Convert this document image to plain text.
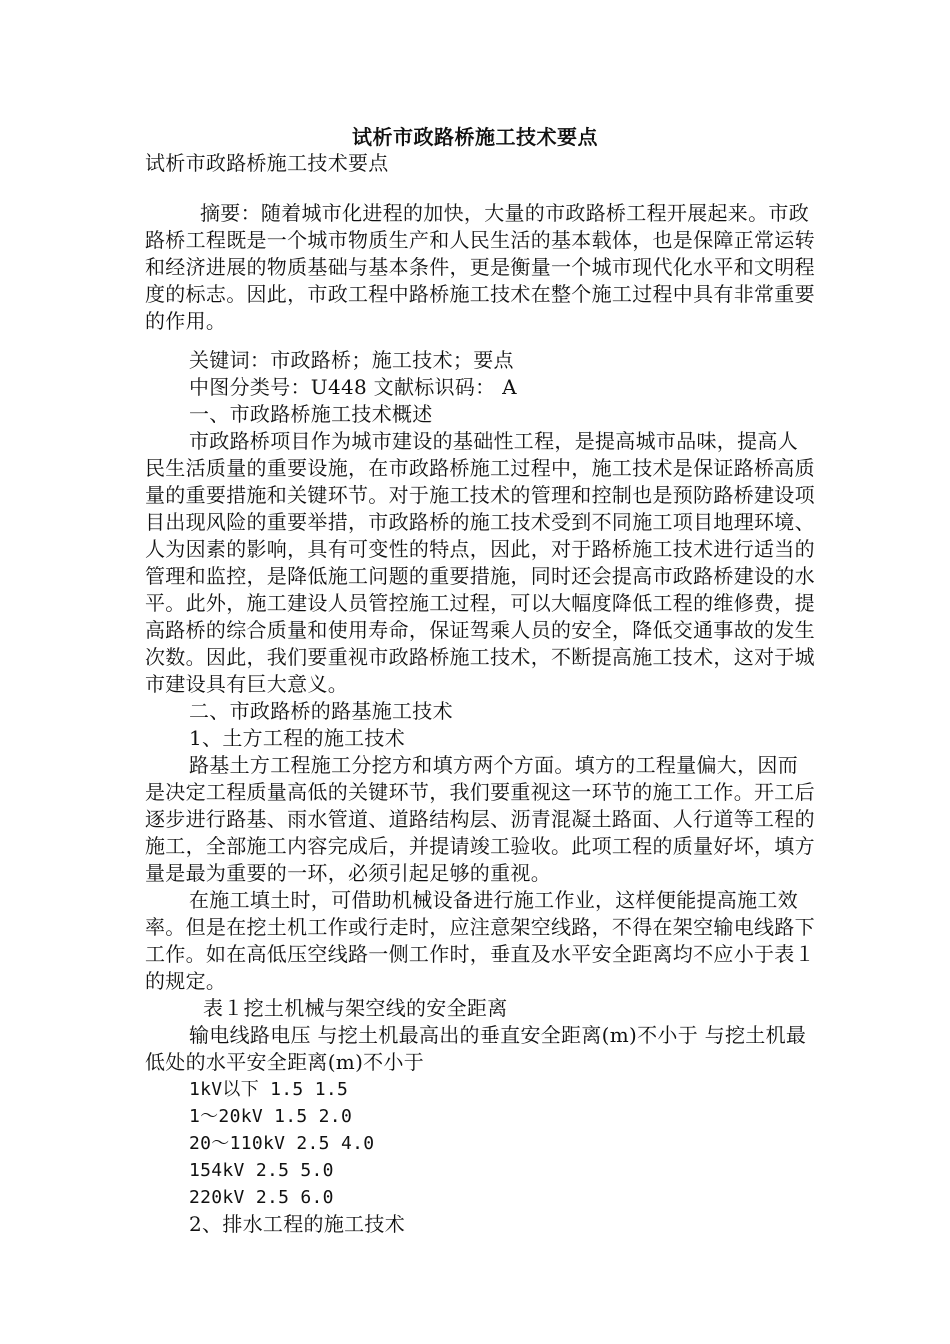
试析市政路桥施工技术要点
试析市政路桥施工技术要点

摘要：随着城市化进程的加快，大量的市政路桥工程开展起来。市政路桥工程既是一个城市物质生产和人民生活的基本载体，也是保障正常运转和经济进展的物质基础与基本条件，更是衡量一个城市现代化水平和文明程度的标志。因此，市政工程中路桥施工技术在整个施工过程中具有非常重要的作用。

关键词：市政路桥；施工技术；要点

中图分类号：U448 文献标识码： A

一、市政路桥施工技术概述

市政路桥项目作为城市建设的基础性工程，是提高城市品味，提高人民生活质量的重要设施，在市政路桥施工过程中，施工技术是保证路桥高质量的重要措施和关键环节。对于施工技术的管理和控制也是预防路桥建设项目出现风险的重要举措，市政路桥的施工技术受到不同施工项目地理环境、人为因素的影响，具有可变性的特点，因此，对于路桥施工技术进行适当的管理和监控，是降低施工问题的重要措施，同时还会提高市政路桥建设的水平。此外，施工建设人员管控施工过程，可以大幅度降低工程的维修费，提高路桥的综合质量和使用寿命，保证驾乘人员的安全，降低交通事故的发生次数。因此，我们要重视市政路桥施工技术，不断提高施工技术，这对于城市建设具有巨大意义。

二、市政路桥的路基施工技术

1、土方工程的施工技术

路基土方工程施工分挖方和填方两个方面。填方的工程量偏大，因而是决定工程质量高低的关键环节，我们要重视这一环节的施工工作。开工后逐步进行路基、雨水管道、道路结构层、沥青混凝土路面、人行道等工程的施工，全部施工内容完成后，并提请竣工验收。此项工程的质量好坏，填方量是最为重要的一环，必须引起足够的重视。

在施工填土时，可借助机械设备进行施工作业，这样便能提高施工效率。但是在挖土机工作或行走时，应注意架空线路，不得在架空输电线路下工作。如在高低压空线路一侧工作时，垂直及水平安全距离均不应小于表１的规定。

表１挖土机械与架空线的安全距离

输电线路电压 与挖土机最高出的垂直安全距离(m)不小于 与挖土机最低处的水平安全距离(m)不小于

1kV以下 1.5 1.5

1～20kV 1.5 2.0

20～110kV 2.5 4.0

154kV 2.5 5.0

220kV 2.5 6.0

2、排水工程的施工技术
